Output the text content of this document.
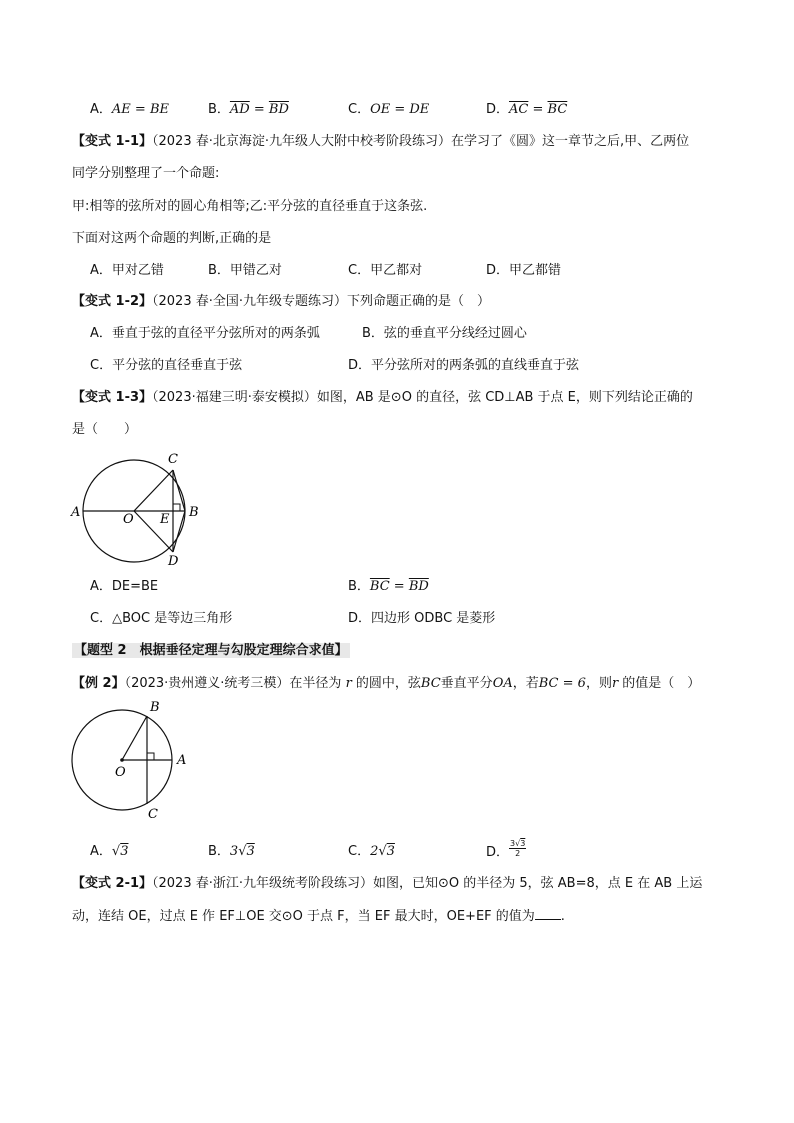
A．AE = BE	B．$\overline{AD} = \overline{BD}$	C．OE = DE	D．$\overline{AC} = \overline{BC}$
【变式 1-1】（2023 春·北京海淀·九年级人大附中校考阶段练习）在学习了《圆》这一章节之后,甲、乙两位
同学分别整理了一个命题:
甲:相等的弦所对的圆心角相等;乙:平分弦的直径垂直于这条弦.
下面对这两个命题的判断,正确的是
A．甲对乙错	B．甲错乙对	C．甲乙都对	D．甲乙都错
【变式 1-2】（2023 春·全国·九年级专题练习）下列命题正确的是（　）
A．垂直于弦的直径平分弦所对的两条弧	B．弦的垂直平分线经过圆心
C．平分弦的直径垂直于弦	D．平分弦所对的两条弧的直线垂直于弦
【变式 1-3】（2023·福建三明·泰安模拟）如图，AB 是⊙O 的直径，弦 CD⊥AB 于点 E，则下列结论正确的
是（　　）
A	O E B
C
D
A．DE=BE	B．$\overline{BC} = \overline{BD}$
C．△BOC 是等边三角形	D．四边形 ODBC 是菱形
【题型 2　根据垂径定理与勾股定理综合求值】
【例 2】（2023·贵州遵义·统考三模）在半径为 r 的圆中，弦BC垂直平分OA，若BC = 6，则r 的值是（　）
B
O
A
C
A．√3	B．3√3	C．2√3	D． $\frac{3√3}{2}$
【变式 2-1】（2023 春·浙江·九年级统考阶段练习）如图，已知⊙O 的半径为 5，弦 AB=8，点 E 在 AB 上运
动，连结 OE，过点 E 作 EF⊥OE 交⊙O 于点 F，当 EF 最大时，OE+EF 的值为 .
